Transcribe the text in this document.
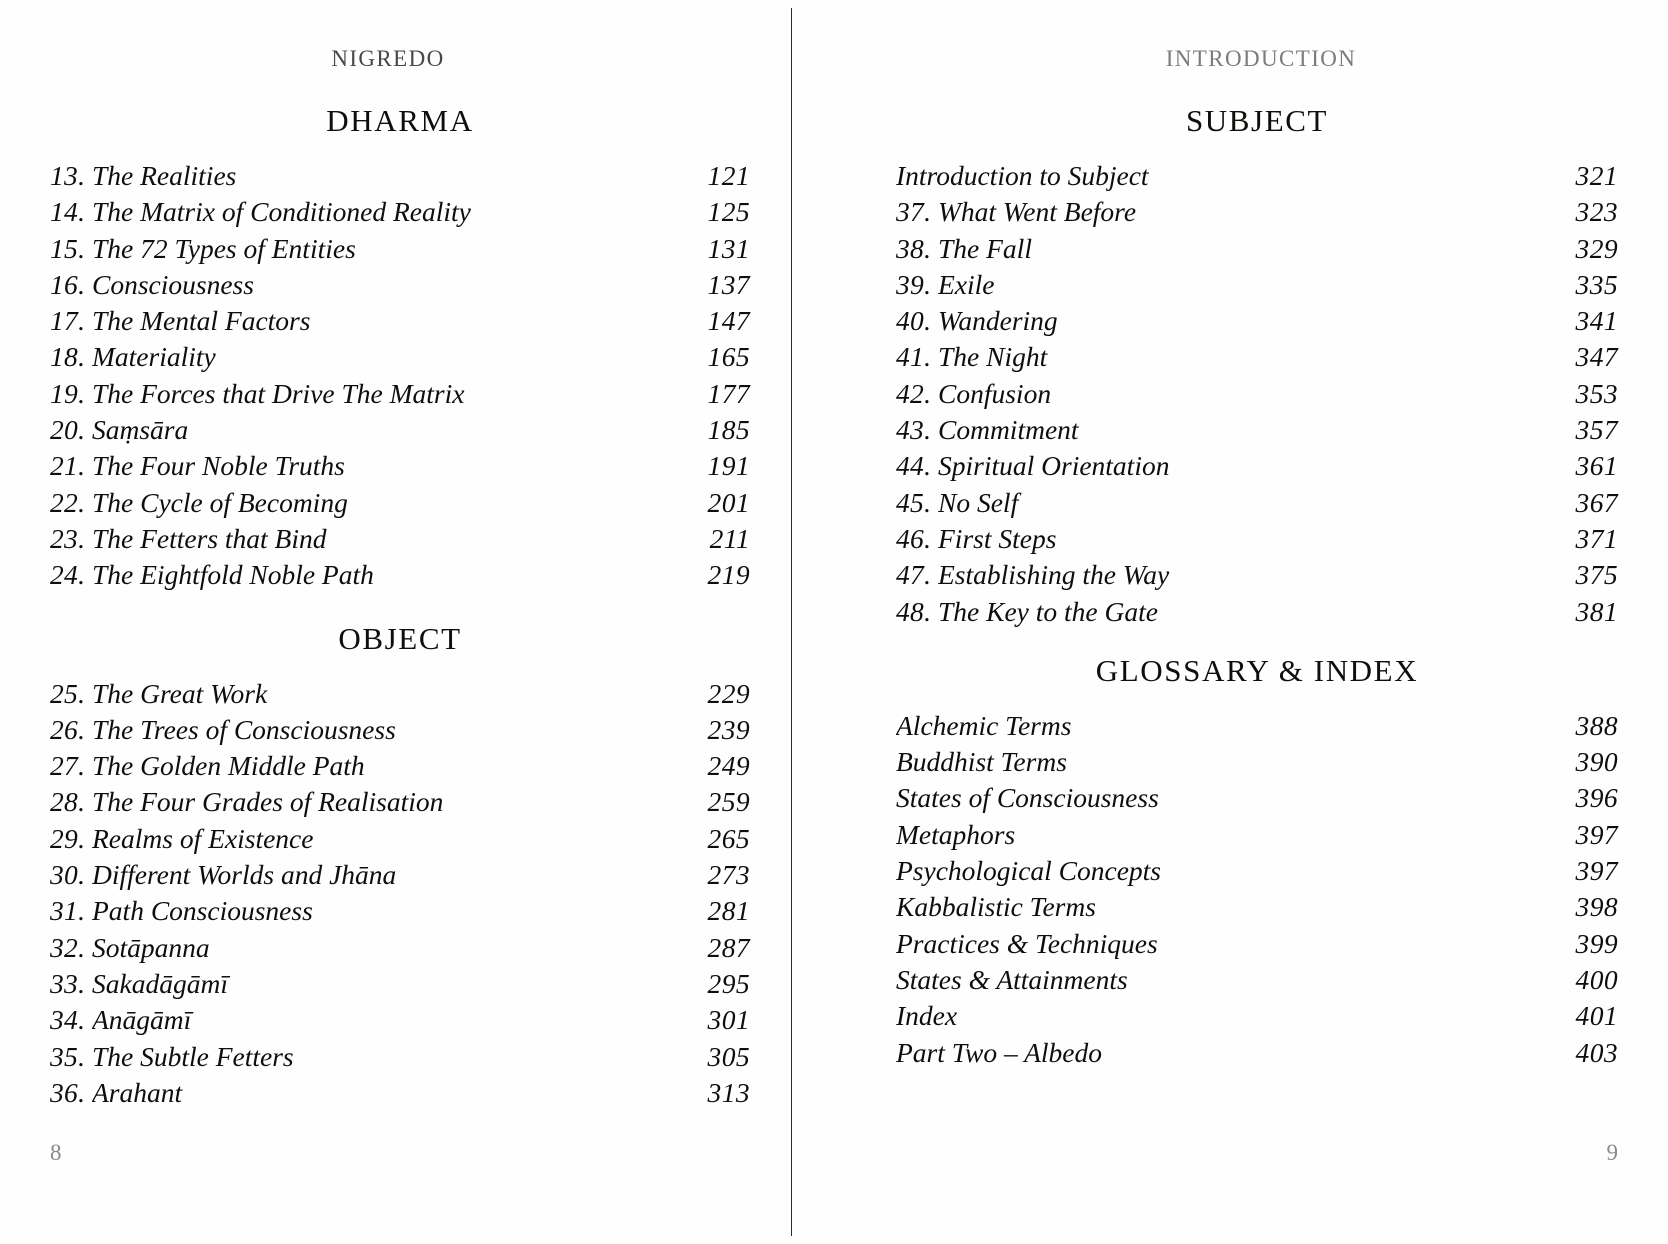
NIGREDO
DHARMA
13. The Realities	121
14. The Matrix of Conditioned Reality	125
15. The 72 Types of Entities	131
16. Consciousness	137
17. The Mental Factors	147
18. Materiality	165
19. The Forces that Drive The Matrix	177
20. Saṃsāra	185
21. The Four Noble Truths	191
22. The Cycle of Becoming	201
23. The Fetters that Bind	211
24. The Eightfold Noble Path	219
OBJECT
25. The Great Work	229
26. The Trees of Consciousness	239
27. The Golden Middle Path	249
28. The Four Grades of Realisation	259
29. Realms of Existence	265
30. Different Worlds and Jhāna	273
31. Path Consciousness	281
32. Sotāpanna	287
33. Sakadāgāmī	295
34. Anāgāmī	301
35. The Subtle Fetters	305
36. Arahant	313
8
INTRODUCTION
SUBJECT
Introduction to Subject	321
37. What Went Before	323
38. The Fall	329
39. Exile	335
40. Wandering	341
41. The Night	347
42. Confusion	353
43. Commitment	357
44. Spiritual Orientation	361
45. No Self	367
46. First Steps	371
47. Establishing the Way	375
48. The Key to the Gate	381
GLOSSARY & INDEX
Alchemic Terms	388
Buddhist Terms	390
States of Consciousness	396
Metaphors	397
Psychological Concepts	397
Kabbalistic Terms	398
Practices & Techniques	399
States & Attainments	400
Index	401
Part Two – Albedo	403
9
